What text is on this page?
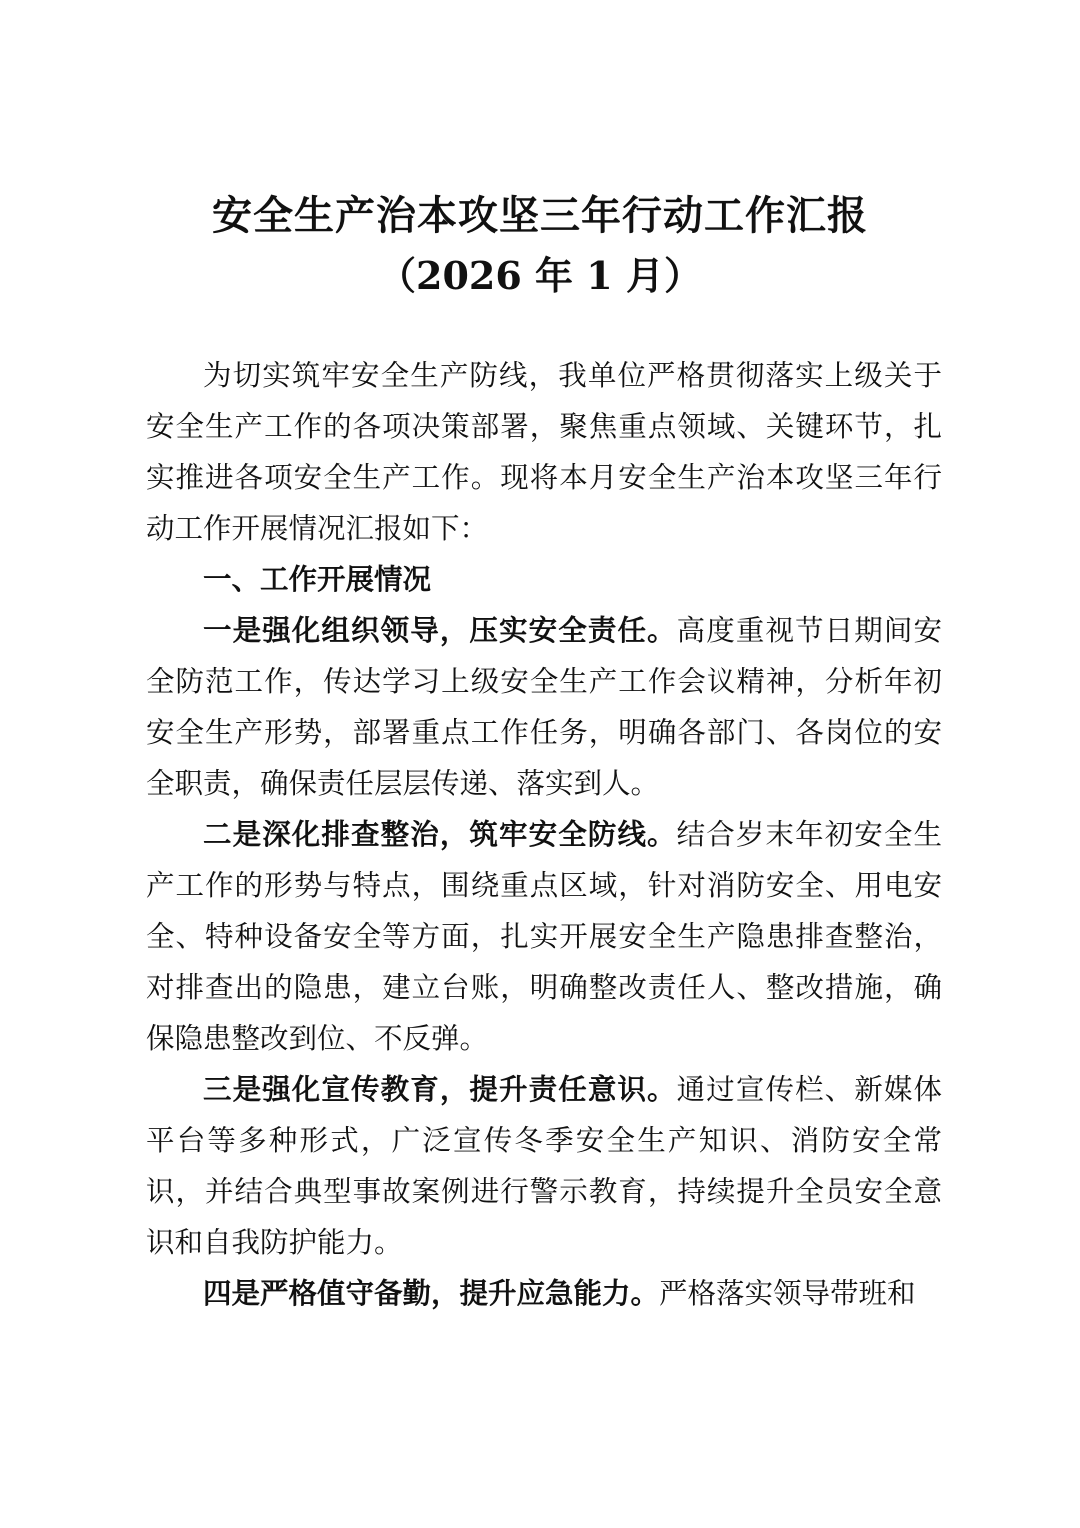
安全生产治本攻坚三年行动工作汇报
（2026 年 1 月）

为切实筑牢安全生产防线，我单位严格贯彻落实上级关于安全生产工作的各项决策部署，聚焦重点领域、关键环节，扎实推进各项安全生产工作。现将本月安全生产治本攻坚三年行动工作开展情况汇报如下：

一、工作开展情况

一是强化组织领导，压实安全责任。高度重视节日期间安全防范工作，传达学习上级安全生产工作会议精神，分析年初安全生产形势，部署重点工作任务，明确各部门、各岗位的安全职责，确保责任层层传递、落实到人。

二是深化排查整治，筑牢安全防线。结合岁末年初安全生产工作的形势与特点，围绕重点区域，针对消防安全、用电安全、特种设备安全等方面，扎实开展安全生产隐患排查整治，对排查出的隐患，建立台账，明确整改责任人、整改措施，确保隐患整改到位、不反弹。

三是强化宣传教育，提升责任意识。通过宣传栏、新媒体平台等多种形式，广泛宣传冬季安全生产知识、消防安全常识，并结合典型事故案例进行警示教育，持续提升全员安全意识和自我防护能力。

四是严格值守备勤，提升应急能力。严格落实领导带班和
